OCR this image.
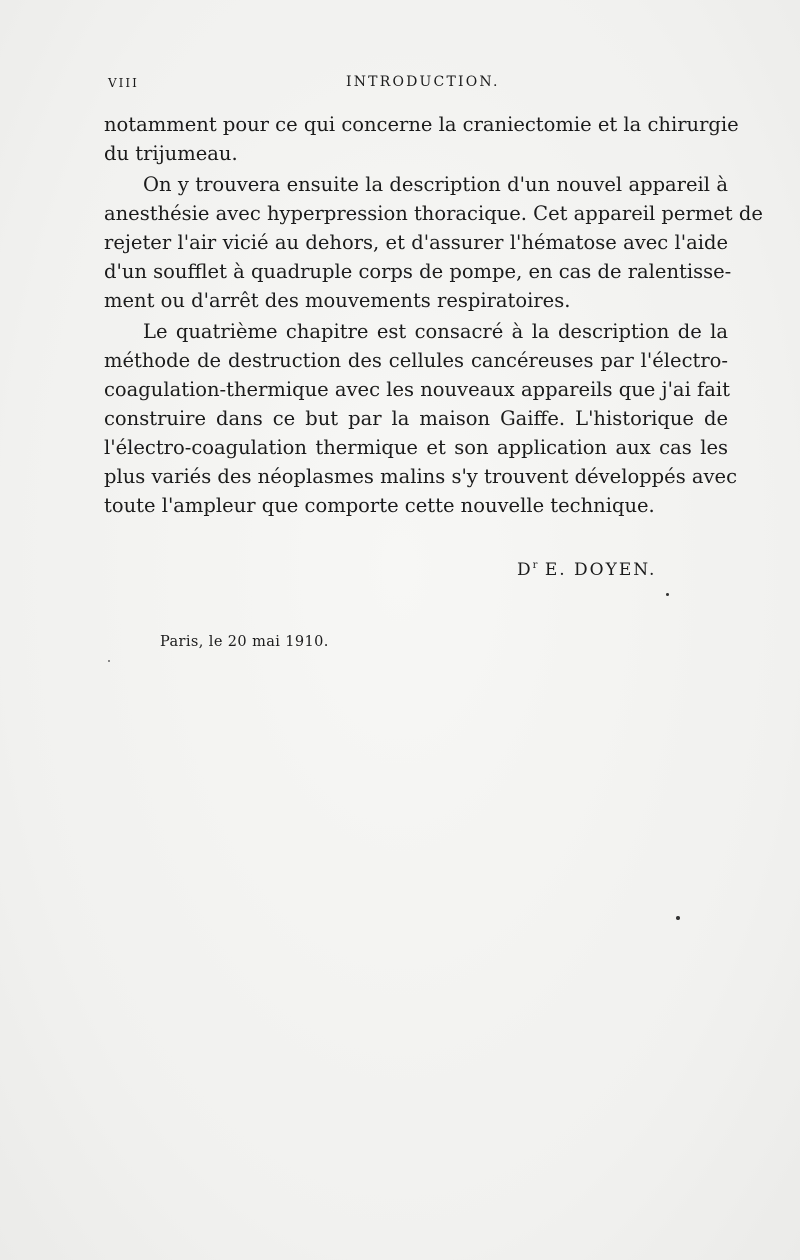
VIII	INTRODUCTION.
notamment pour ce qui concerne la craniectomie et la chirurgie
du trijumeau.
On y trouvera ensuite la description d'un nouvel appareil à
anesthésie avec hyperpression thoracique. Cet appareil permet de
rejeter l'air vicié au dehors, et d'assurer l'hématose avec l'aide
d'un soufflet à quadruple corps de pompe, en cas de ralentisse-
ment ou d'arrêt des mouvements respiratoires.
Le quatrième chapitre est consacré à la description de la
méthode de destruction des cellules cancéreuses par l'électro-
coagulation-thermique avec les nouveaux appareils que j'ai fait
construire dans ce but par la maison Gaiffe. L'historique de
l'électro-coagulation thermique et son application aux cas les
plus variés des néoplasmes malins s'y trouvent développés avec
toute l'ampleur que comporte cette nouvelle technique.
$D^r$ E. DOYEN.
Paris, le 20 mai 1910.
